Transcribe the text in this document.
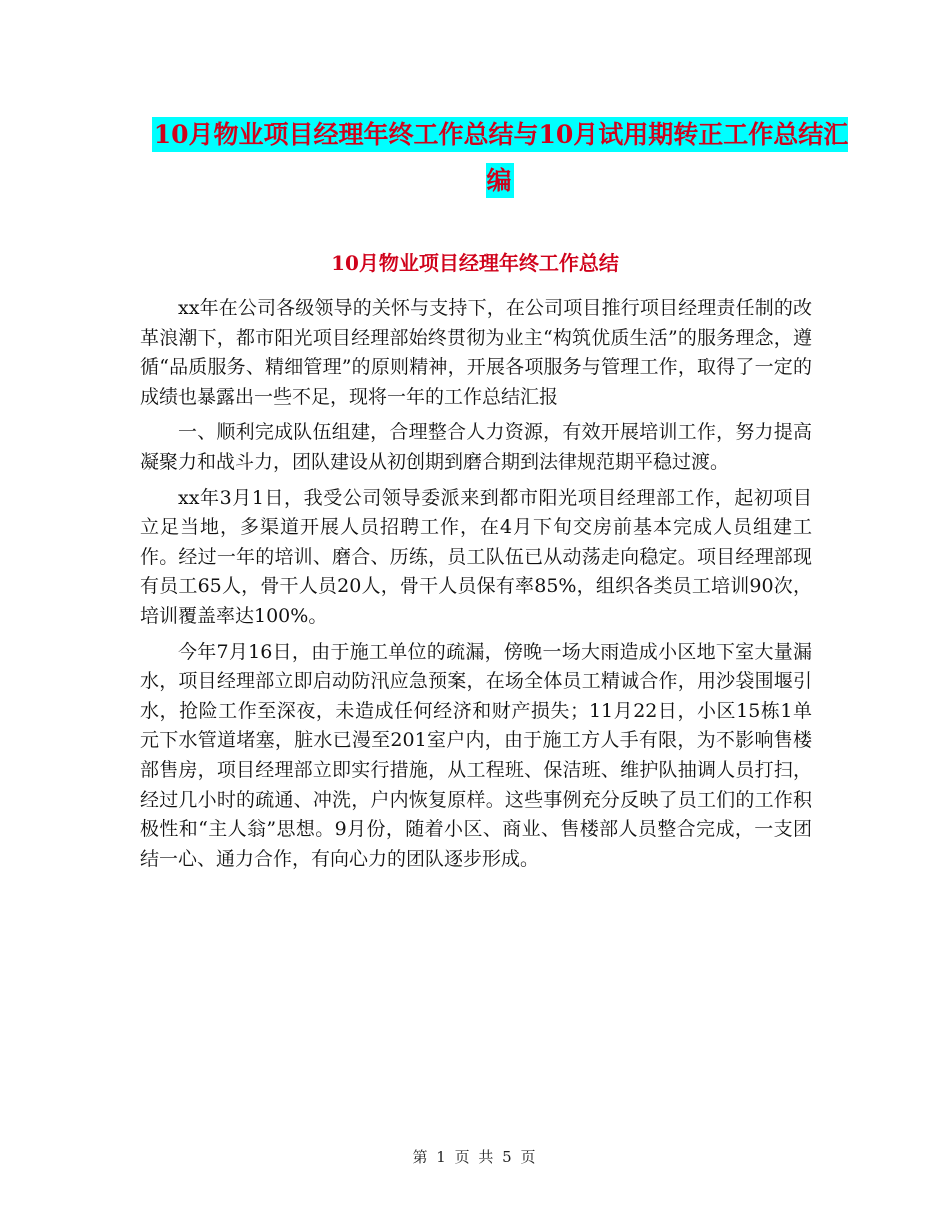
10月物业项目经理年终工作总结与10月试用期转正工作总结汇编
10月物业项目经理年终工作总结

xx年在公司各级领导的关怀与支持下，在公司项目推行项目经理责任制的改革浪潮下，都市阳光项目经理部始终贯彻为业主“构筑优质生活”的服务理念，遵循“品质服务、精细管理”的原则精神，开展各项服务与管理工作，取得了一定的成绩也暴露出一些不足，现将一年的工作总结汇报

一、顺利完成队伍组建，合理整合人力资源，有效开展培训工作，努力提高凝聚力和战斗力，团队建设从初创期到磨合期到法律规范期平稳过渡。

xx年3月1日，我受公司领导委派来到都市阳光项目经理部工作，起初项目立足当地，多渠道开展人员招聘工作，在4月下旬交房前基本完成人员组建工作。经过一年的培训、磨合、历练，员工队伍已从动荡走向稳定。项目经理部现有员工65人，骨干人员20人，骨干人员保有率85%，组织各类员工培训90次，培训覆盖率达100%。

今年7月16日，由于施工单位的疏漏，傍晚一场大雨造成小区地下室大量漏水，项目经理部立即启动防汛应急预案，在场全体员工精诚合作，用沙袋围堰引水，抢险工作至深夜，未造成任何经济和财产损失；11月22日，小区15栋1单元下水管道堵塞，脏水已漫至201室户内，由于施工方人手有限，为不影响售楼部售房，项目经理部立即实行措施，从工程班、保洁班、维护队抽调人员打扫，经过几小时的疏通、冲洗，户内恢复原样。这些事例充分反映了员工们的工作积极性和“主人翁”思想。9月份，随着小区、商业、售楼部人员整合完成，一支团结一心、通力合作，有向心力的团队逐步形成。

第 1 页 共 5 页
